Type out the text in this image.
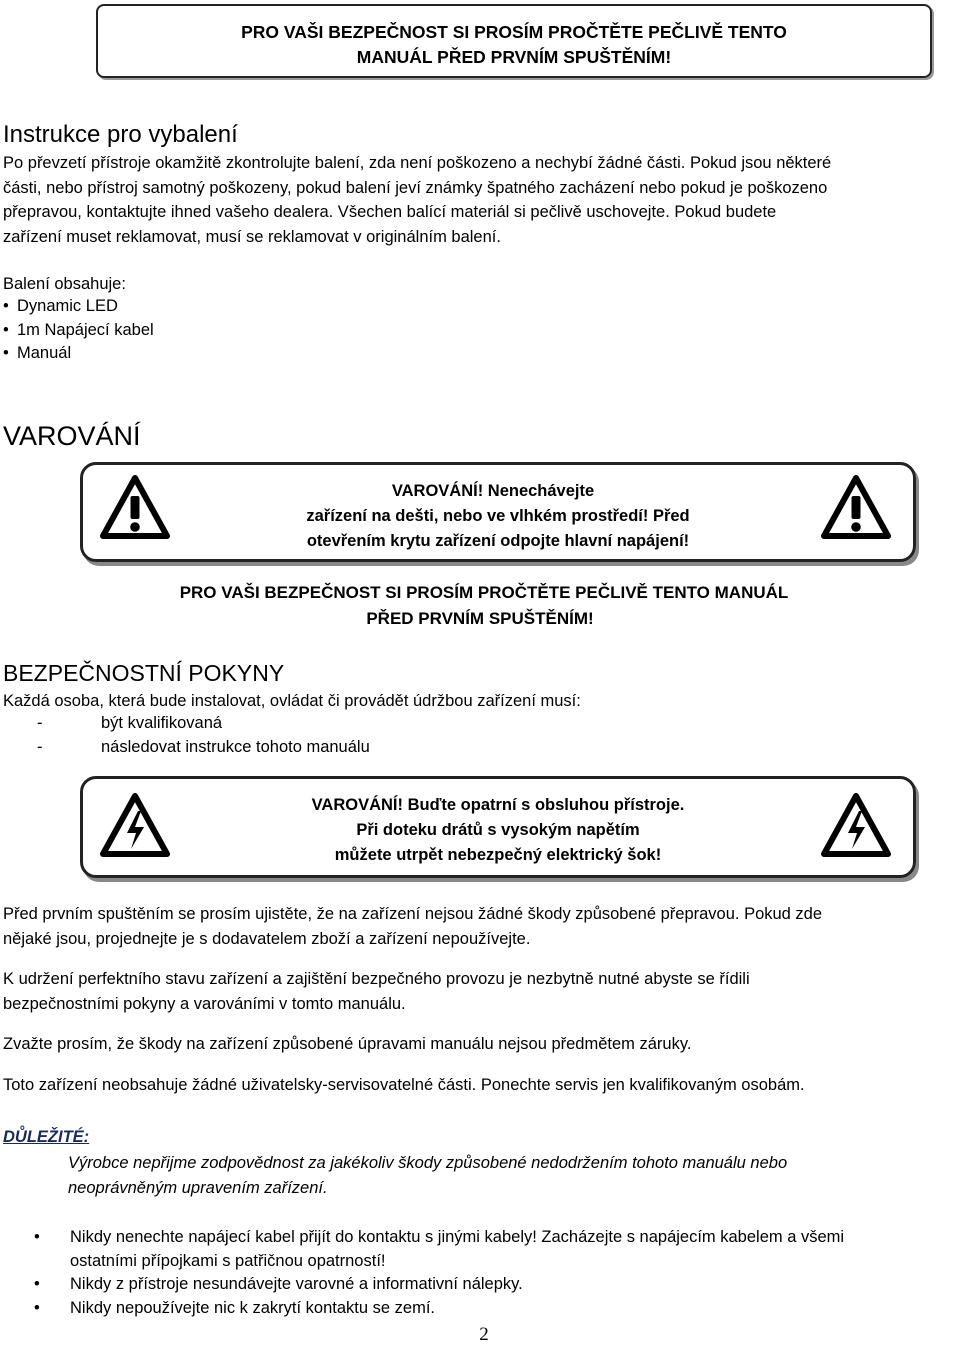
PRO VAŠI BEZPEČNOST SI PROSÍM PROČTĚTE PEČLIVĚ TENTO
MANUÁL PŘED PRVNÍM SPUŠTĚNÍM!
Instrukce pro vybalení
Po převzetí přístroje okamžitě zkontrolujte balení, zda není poškozeno a nechybí žádné části. Pokud jsou některé
části, nebo přístroj samotný poškozeny, pokud balení jeví známky špatného zacházení nebo pokud je poškozeno
přepravou, kontaktujte ihned vašeho dealera. Všechen balící materiál si pečlivě uschovejte. Pokud budete
zařízení muset reklamovat, musí se reklamovat v originálním balení.
Balení obsahuje:
• Dynamic LED
• 1m Napájecí kabel
• Manuál
VAROVÁNÍ
VAROVÁNÍ! Nenechávejte
zařízení na dešti, nebo ve vlhkém prostředí! Před
otevřením krytu zařízení odpojte hlavní napájení!
PRO VAŠI BEZPEČNOST SI PROSÍM PROČTĚTE PEČLIVĚ TENTO MANUÁL
PŘED PRVNÍM SPUŠTĚNÍM!
BEZPEČNOSTNÍ POKYNY
Každá osoba, která bude instalovat, ovládat či provádět údržbou zařízení musí:
-	být kvalifikovaná
-	následovat instrukce tohoto manuálu
VAROVÁNÍ! Buďte opatrní s obsluhou přístroje.
Při doteku drátů s vysokým napětím
můžete utrpět nebezpečný elektrický šok!
Před prvním spuštěním se prosím ujistěte, že na zařízení nejsou žádné škody způsobené přepravou. Pokud zde
nějaké jsou, projednejte je s dodavatelem zboží a zařízení nepoužívejte.
K udržení perfektního stavu zařízení a zajištění bezpečného provozu je nezbytně nutné abyste se řídili
bezpečnostními pokyny a varováními v tomto manuálu.
Zvažte prosím, že škody na zařízení způsobené úpravami manuálu nejsou předmětem záruky.
Toto zařízení neobsahuje žádné uživatelsky-servisovatelné části. Ponechte servis jen kvalifikovaným osobám.
DŮLEŽITÉ:
Výrobce nepřijme zodpovědnost za jakékoliv škody způsobené nedodržením tohoto manuálu nebo
neoprávněným upravením zařízení.
• Nikdy nenechte napájecí kabel přijít do kontaktu s jinými kabely! Zacházejte s napájecím kabelem a všemi
ostatními přípojkami s patřičnou opatrností!
• Nikdy z přístroje nesundávejte varovné a informativní nálepky.
• Nikdy nepoužívejte nic k zakrytí kontaktu se zemí.
2
